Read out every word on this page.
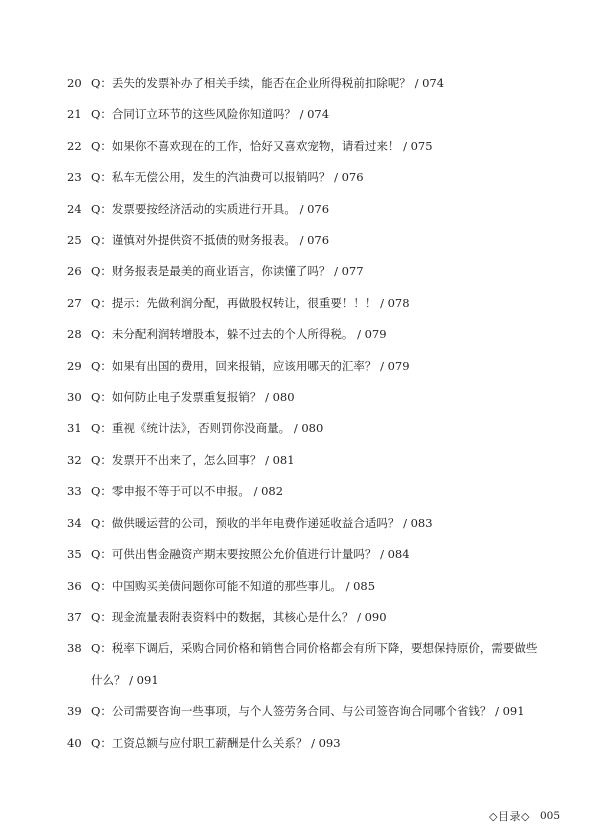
20 Q：丢失的发票补办了相关手续，能否在企业所得税前扣除呢？ / 074
21 Q：合同订立环节的这些风险你知道吗？ / 074
22 Q：如果你不喜欢现在的工作，恰好又喜欢宠物，请看过来！ / 075
23 Q：私车无偿公用，发生的汽油费可以报销吗？ / 076
24 Q：发票要按经济活动的实质进行开具。 / 076
25 Q：谨慎对外提供资不抵债的财务报表。 / 076
26 Q：财务报表是最美的商业语言，你读懂了吗？ / 077
27 Q：提示：先做利润分配，再做股权转让，很重要！！！ / 078
28 Q：未分配利润转增股本，躲不过去的个人所得税。 / 079
29 Q：如果有出国的费用，回来报销，应该用哪天的汇率？ / 079
30 Q：如何防止电子发票重复报销？ / 080
31 Q：重视《统计法》，否则罚你没商量。 / 080
32 Q：发票开不出来了，怎么回事？ / 081
33 Q：零申报不等于可以不申报。 / 082
34 Q：做供暖运营的公司，预收的半年电费作递延收益合适吗？ / 083
35 Q：可供出售金融资产期末要按照公允价值进行计量吗？ / 084
36 Q：中国购买美债问题你可能不知道的那些事儿。 / 085
37 Q：现金流量表附表资料中的数据，其核心是什么？ / 090
38 Q：税率下调后，采购合同价格和销售合同价格都会有所下降，要想保持原价，需要做些什么？ / 091
39 Q：公司需要咨询一些事项，与个人签劳务合同、与公司签咨询合同哪个省钱？ / 091
40 Q：工资总额与应付职工薪酬是什么关系？ / 093
◇目录◇ 005
